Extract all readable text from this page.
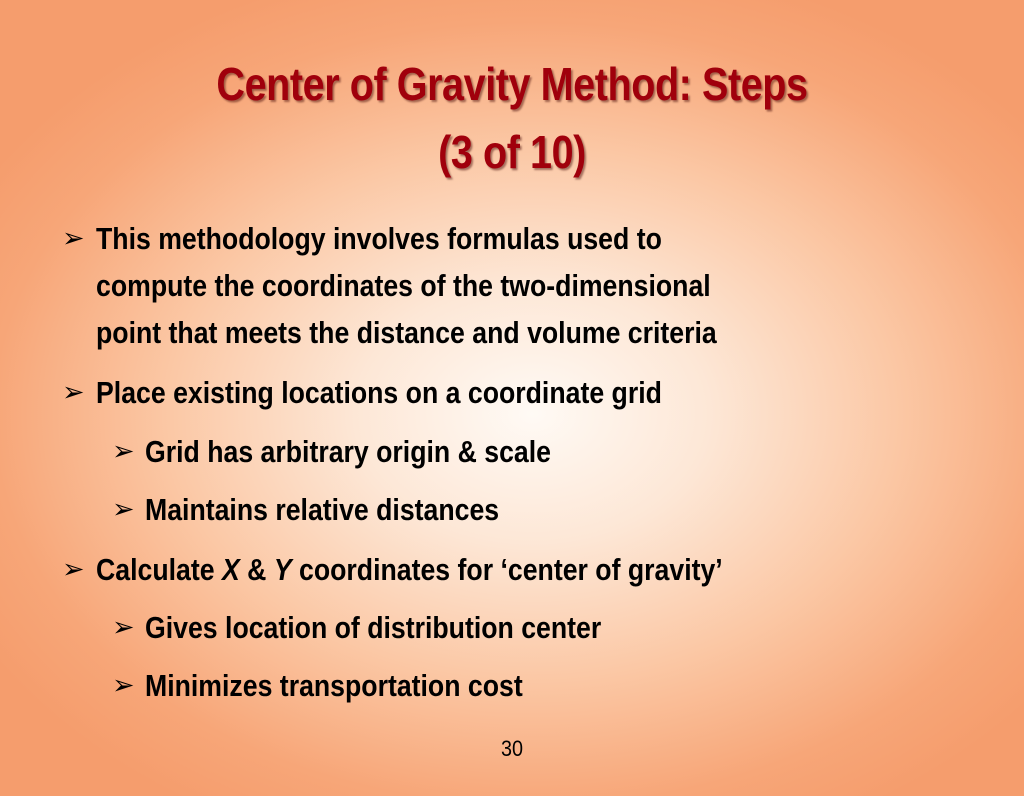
Center of Gravity Method: Steps
(3 of 10)
➢ This methodology involves formulas used to
compute the coordinates of the two-dimensional
point that meets the distance and volume criteria
➢ Place existing locations on a coordinate grid
➢ Grid has arbitrary origin & scale
➢ Maintains relative distances
➢ Calculate X & Y coordinates for ‘center of gravity’
➢ Gives location of distribution center
➢ Minimizes transportation cost
30
